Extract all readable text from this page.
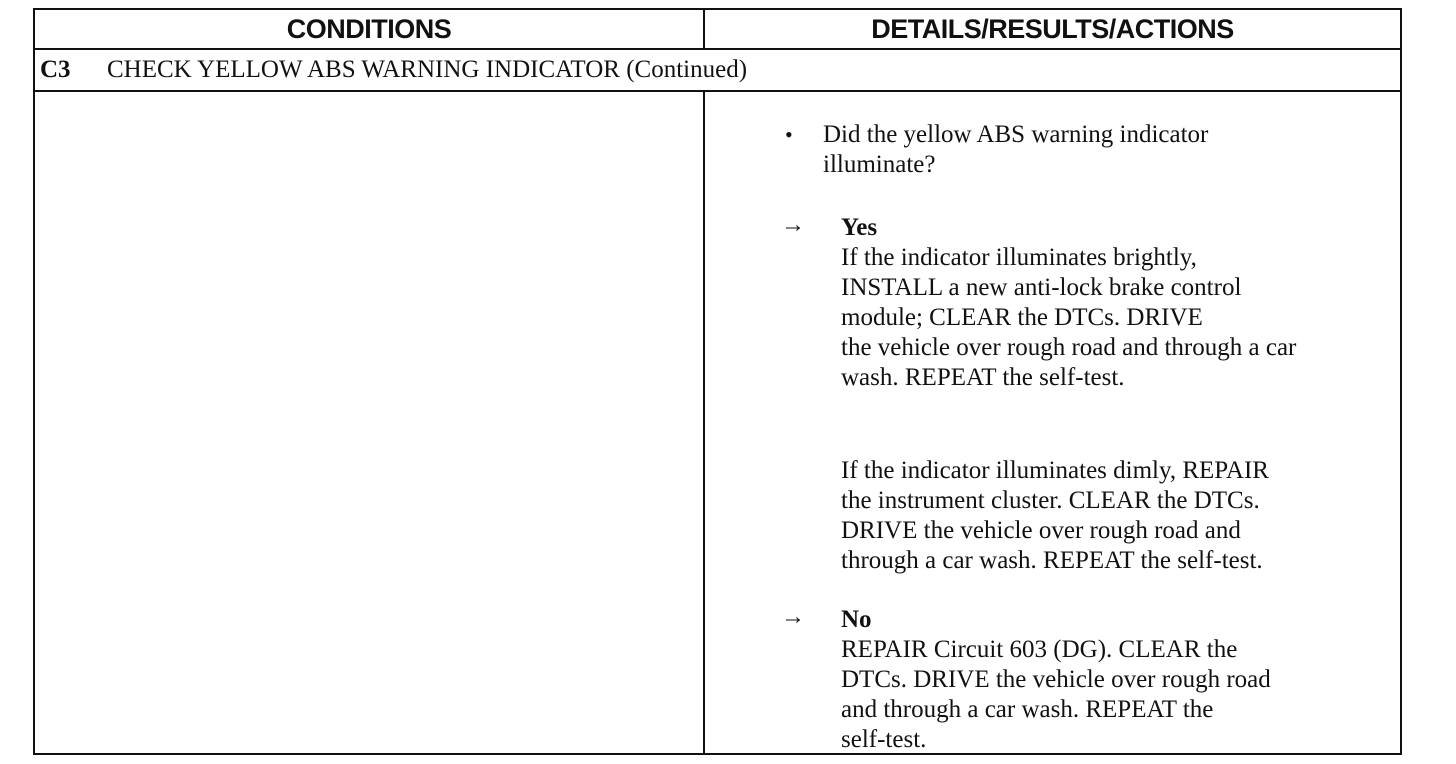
CONDITIONS	DETAILS/RESULTS/ACTIONS
C3 CHECK YELLOW ABS WARNING INDICATOR (Continued)
• Did the yellow ABS warning indicator
illuminate?
→ Yes
If the indicator illuminates brightly,
INSTALL a new anti-lock brake control
module; CLEAR the DTCs. DRIVE
the vehicle over rough road and through a car
wash. REPEAT the self-test.
If the indicator illuminates dimly, REPAIR
the instrument cluster. CLEAR the DTCs.
DRIVE the vehicle over rough road and
through a car wash. REPEAT the self-test.
→ No
REPAIR Circuit 603 (DG). CLEAR the
DTCs. DRIVE the vehicle over rough road
and through a car wash. REPEAT the
self-test.
